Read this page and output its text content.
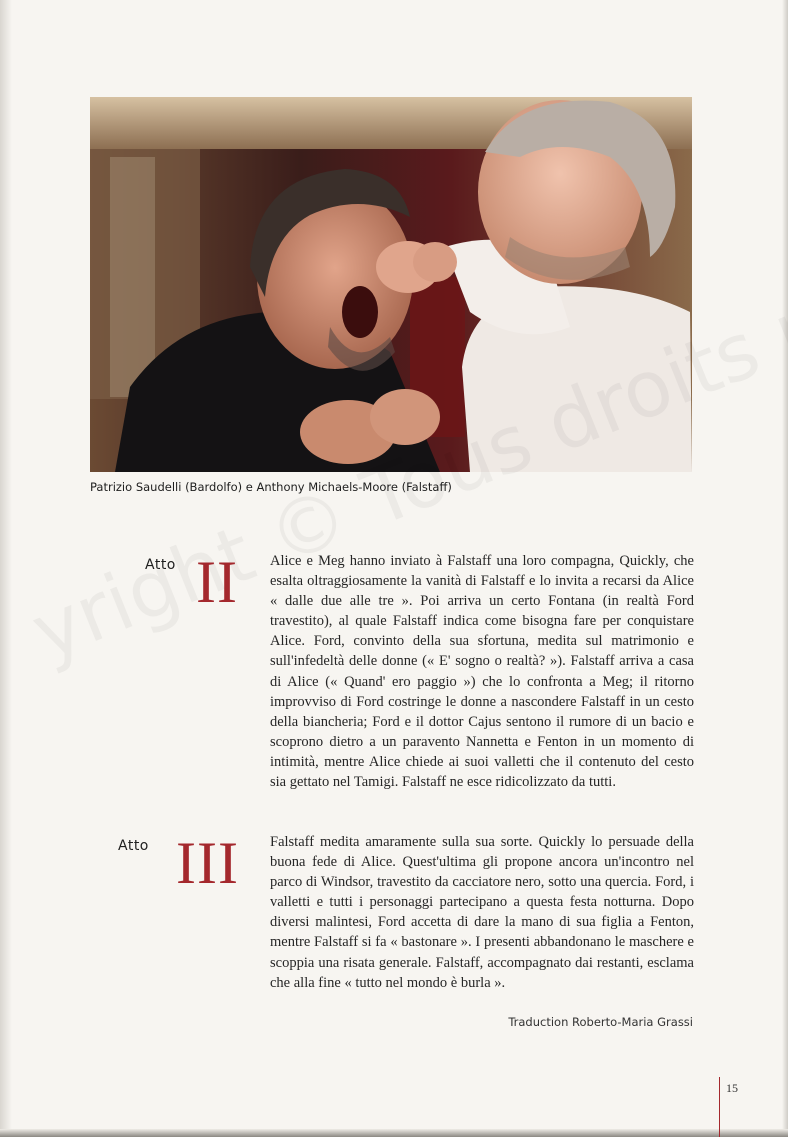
Patrizio Saudelli (Bardolfo) e Anthony Michaels-Moore (Falstaff)
Atto II Alice e Meg hanno inviato à Falstaff una loro compagna, Quickly, che esalta oltraggiosamente la vanità di Falstaff e lo invita a recarsi da Alice « dalle due alle tre ». Poi arriva un certo Fontana (in realtà Ford travestito), al quale Falstaff indica come bisogna fare per conquistare Alice. Ford, convinto della sua sfortuna, medita sul matrimonio e sull'infedeltà delle donne (« E' sogno o realtà? »). Falstaff arriva a casa di Alice (« Quand' ero paggio ») che lo confronta a Meg; il ritorno improvviso di Ford costringe le donne a nascondere Falstaff in un cesto della biancheria; Ford e il dottor Cajus sentono il rumore di un bacio e scoprono dietro a un paravento Nannetta e Fenton in un momento di intimità, mentre Alice chiede ai suoi valletti che il contenuto del cesto sia gettato nel Tamigi. Falstaff ne esce ridicolizzato da tutti.

Atto III Falstaff medita amaramente sulla sua sorte. Quickly lo persuade della buona fede di Alice. Quest'ultima gli propone ancora un'incontro nel parco di Windsor, travestito da cacciatore nero, sotto una quercia. Ford, i valletti e tutti i personaggi partecipano a questa festa notturna. Dopo diversi malintesi, Ford accetta di dare la mano di sua figlia a Fenton, mentre Falstaff si fa « bastonare ». I presenti abbandonano le maschere e scoppia una risata generale. Falstaff, accompagnato dai restanti, esclama che alla fine « tutto nel mondo è burla ».

Traduction Roberto-Maria Grassi
15
